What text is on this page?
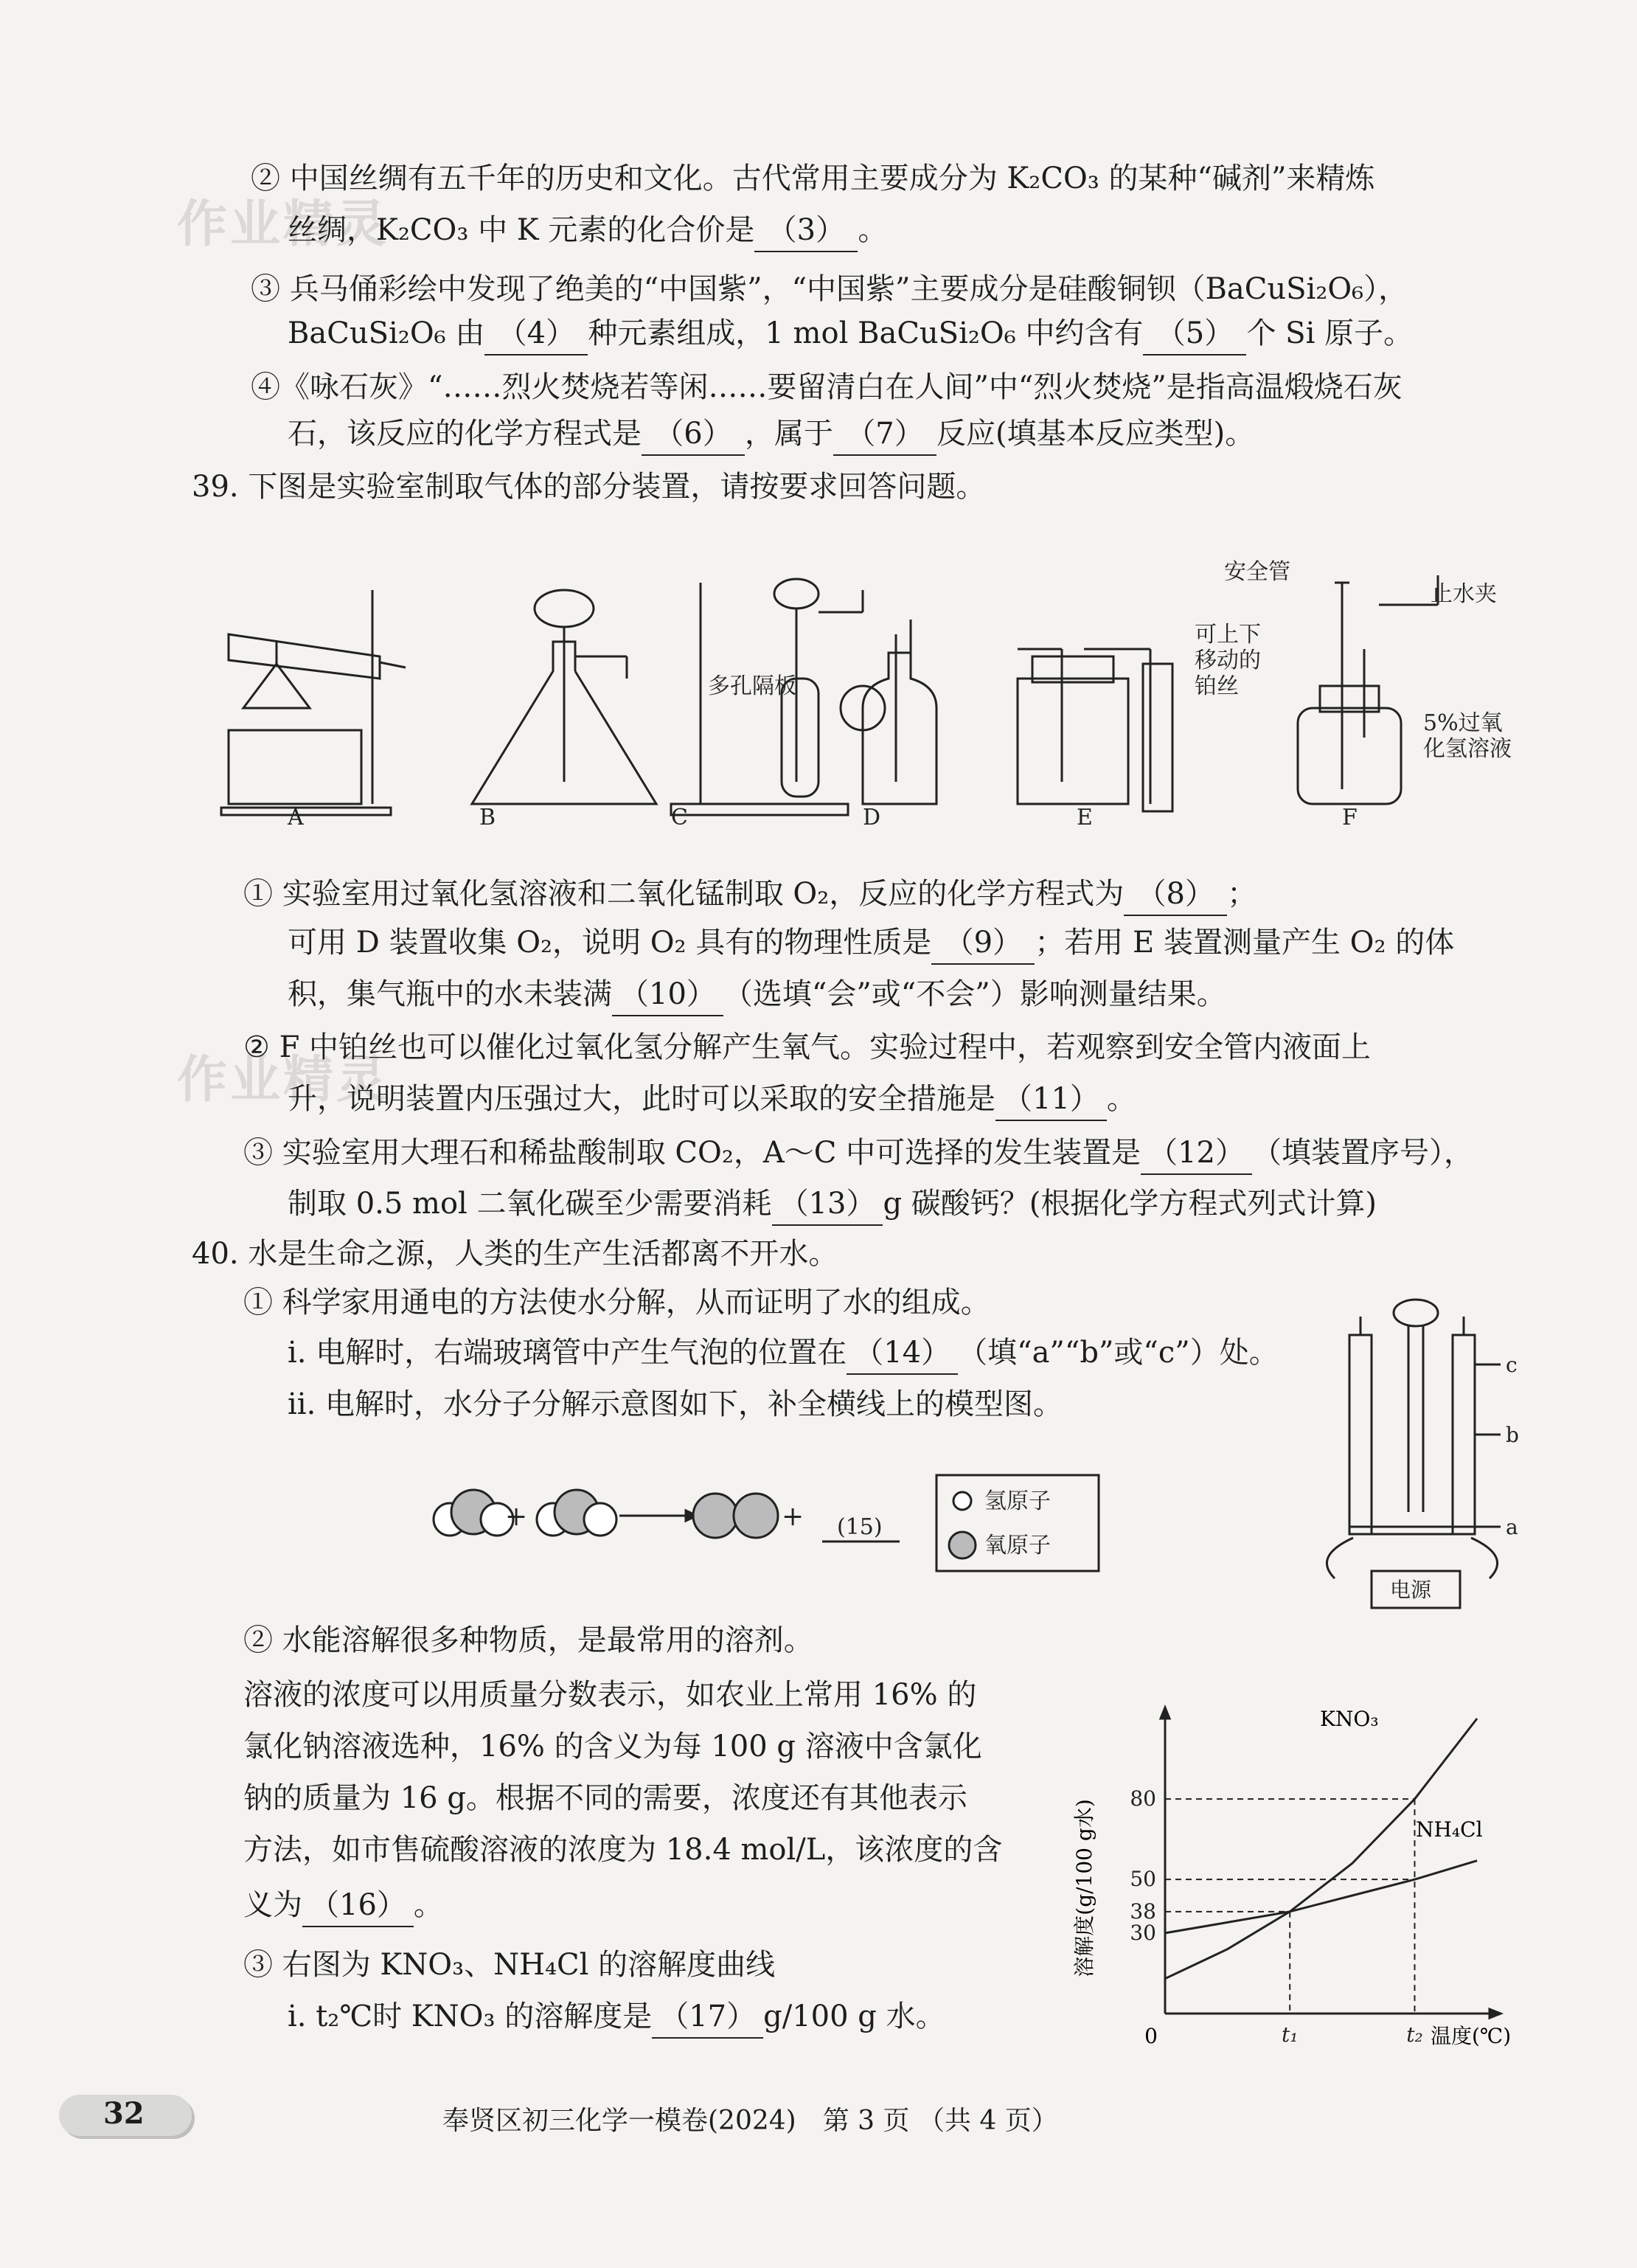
作业精灵
作业精灵
② 中国丝绸有五千年的历史和文化。古代常用主要成分为 K₂CO₃ 的某种“碱剂”来精炼
丝绸，K₂CO₃ 中 K 元素的化合价是 （3） 。
③ 兵马俑彩绘中发现了绝美的“中国紫”，“中国紫”主要成分是硅酸铜钡（BaCuSi₂O₆），
BaCuSi₂O₆ 由 （4） 种元素组成，1 mol BaCuSi₂O₆ 中约含有 （5） 个 Si 原子。
④《咏石灰》“……烈火焚烧若等闲……要留清白在人间”中“烈火焚烧”是指高温煅烧石灰
石，该反应的化学方程式是 （6） ，属于 （7） 反应(填基本反应类型)。
39. 下图是实验室制取气体的部分装置，请按要求回答问题。
A	B	C	D	E	F
多孔隔板
安全管
止水夹
可上下
移动的
铂丝
5%过氧
化氢溶液
① 实验室用过氧化氢溶液和二氧化锰制取 O₂，反应的化学方程式为 （8） ；
可用 D 装置收集 O₂，说明 O₂ 具有的物理性质是 （9） ；若用 E 装置测量产生 O₂ 的体
积，集气瓶中的水未装满 （10） （选填“会”或“不会”）影响测量结果。
② F 中铂丝也可以催化过氧化氢分解产生氧气。实验过程中，若观察到安全管内液面上
升，说明装置内压强过大，此时可以采取的安全措施是 （11） 。
③ 实验室用大理石和稀盐酸制取 CO₂，A～C 中可选择的发生装置是 （12） （填装置序号），
制取 0.5 mol 二氧化碳至少需要消耗 （13） g 碳酸钙？(根据化学方程式列式计算)
40. 水是生命之源，人类的生产生活都离不开水。
① 科学家用通电的方法使水分解，从而证明了水的组成。
ⅰ. 电解时，右端玻璃管中产生气泡的位置在 （14） （填“a”“b”或“c”）处。
ⅱ. 电解时，水分子分解示意图如下，补全横线上的模型图。
+	+ (15)
氢原子
氧原子
c
b
a
电源
② 水能溶解很多种物质，是最常用的溶剂。
溶液的浓度可以用质量分数表示，如农业上常用 16% 的
氯化钠溶液选种，16% 的含义为每 100 g 溶液中含氯化
钠的质量为 16 g。根据不同的需要，浓度还有其他表示
方法，如市售硫酸溶液的浓度为 18.4 mol/L，该浓度的含
义为 （16） 。
③ 右图为 KNO₃、NH₄Cl 的溶解度曲线
ⅰ. t₂℃时 KNO₃ 的溶解度是 （17） g/100 g 水。
30
38
50
80
t₁	t₂
溶解度(g/100 g水)
温度(℃)
0
KNO₃
NH₄Cl
32	奉贤区初三化学一模卷(2024)　第 3 页 （共 4 页）
